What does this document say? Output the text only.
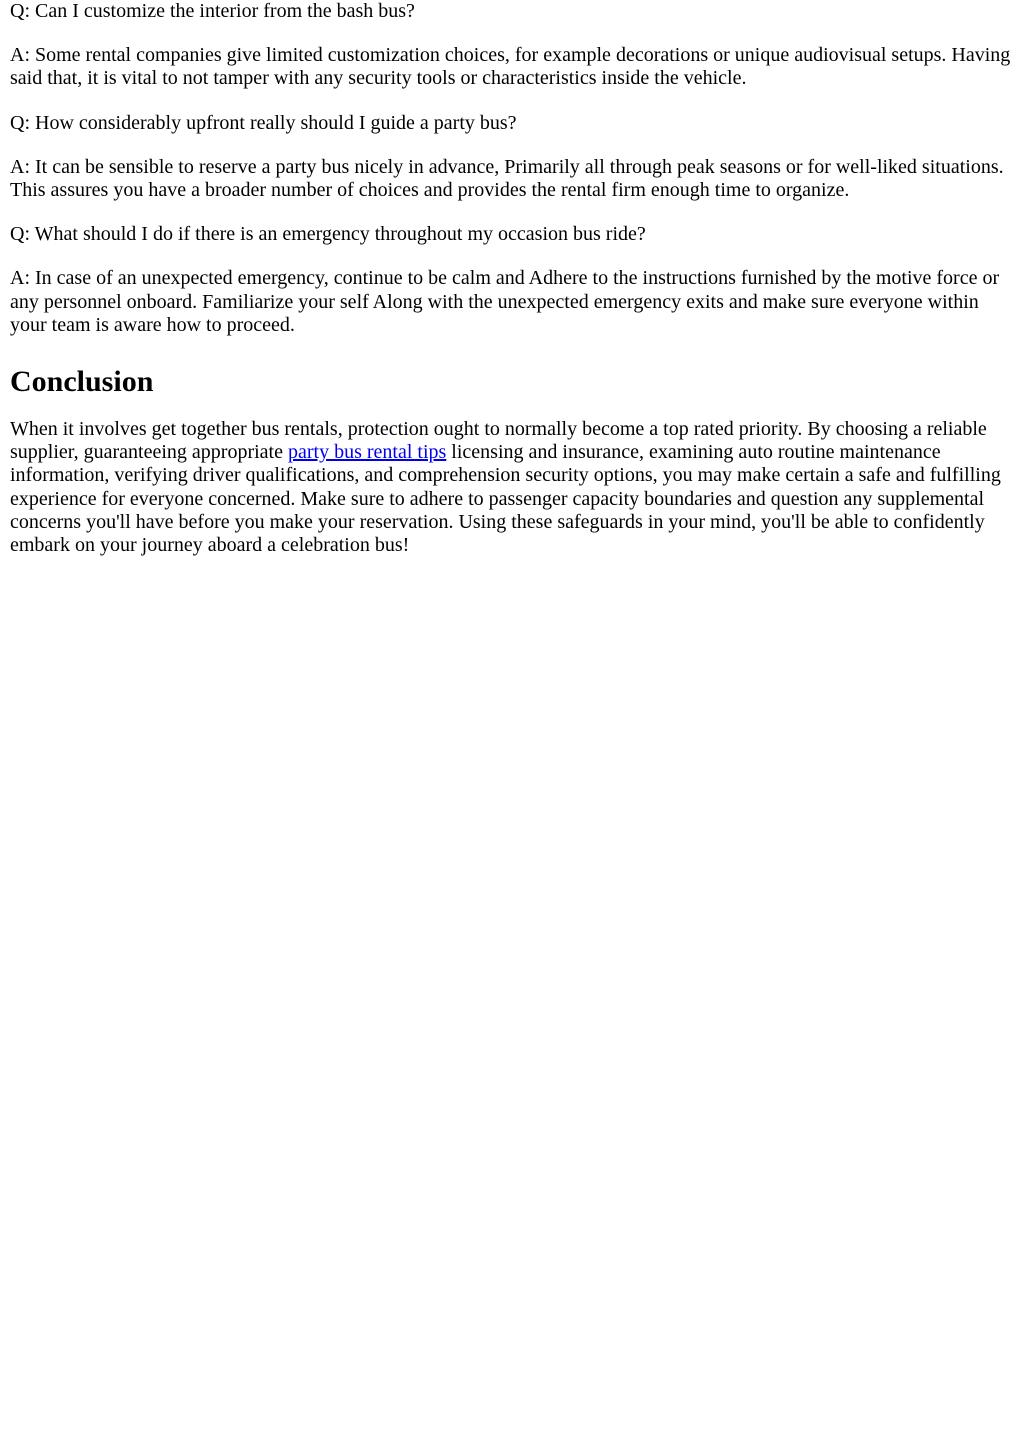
Q: Can I customize the interior from the bash bus?

A: Some rental companies give limited customization choices, for example decorations or unique audiovisual setups. Having said that, it is vital to not tamper with any security tools or characteristics inside the vehicle.

Q: How considerably upfront really should I guide a party bus?

A: It can be sensible to reserve a party bus nicely in advance, Primarily all through peak seasons or for well-liked situations. This assures you have a broader number of choices and provides the rental firm enough time to organize.

Q: What should I do if there is an emergency throughout my occasion bus ride?

A: In case of an unexpected emergency, continue to be calm and Adhere to the instructions furnished by the motive force or any personnel onboard. Familiarize your self Along with the unexpected emergency exits and make sure everyone within your team is aware how to proceed.

Conclusion

When it involves get together bus rentals, protection ought to normally become a top rated priority. By choosing a reliable supplier, guaranteeing appropriate party bus rental tips licensing and insurance, examining auto routine maintenance information, verifying driver qualifications, and comprehension security options, you may make certain a safe and fulfilling experience for everyone concerned. Make sure to adhere to passenger capacity boundaries and question any supplemental concerns you'll have before you make your reservation. Using these safeguards in your mind, you'll be able to confidently embark on your journey aboard a celebration bus!
